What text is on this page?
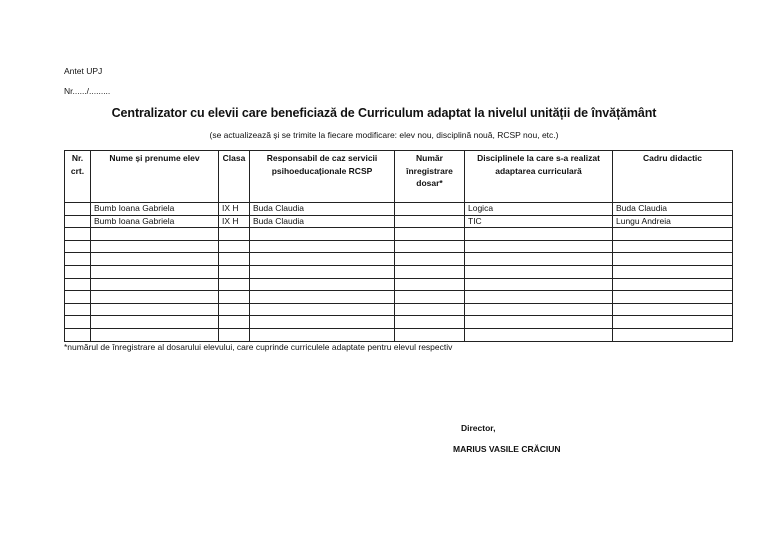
Antet UPJ
Nr....../.........
Centralizator cu elevii care beneficiază de Curriculum adaptat la nivelul unității de învățământ
(se actualizează și se trimite la fiecare modificare: elev nou, disciplină nouă, RCSP nou, etc.)
Nr. crt.	Nume și prenume elev	Clasa	Responsabil de caz servicii psihoeducaționale RCSP	Număr înregistrare dosar*	Disciplinele la care s-a realizat adaptarea curriculară	Cadru didactic
	Bumb Ioana Gabriela	IX H	Buda Claudia		Logica	Buda Claudia
	Bumb Ioana Gabriela	IX H	Buda Claudia		TIC	Lungu Andreia

*numărul de înregistrare al dosarului elevului, care cuprinde curriculele adaptate pentru elevul respectiv
Director,
MARIUS VASILE CRĂCIUN
